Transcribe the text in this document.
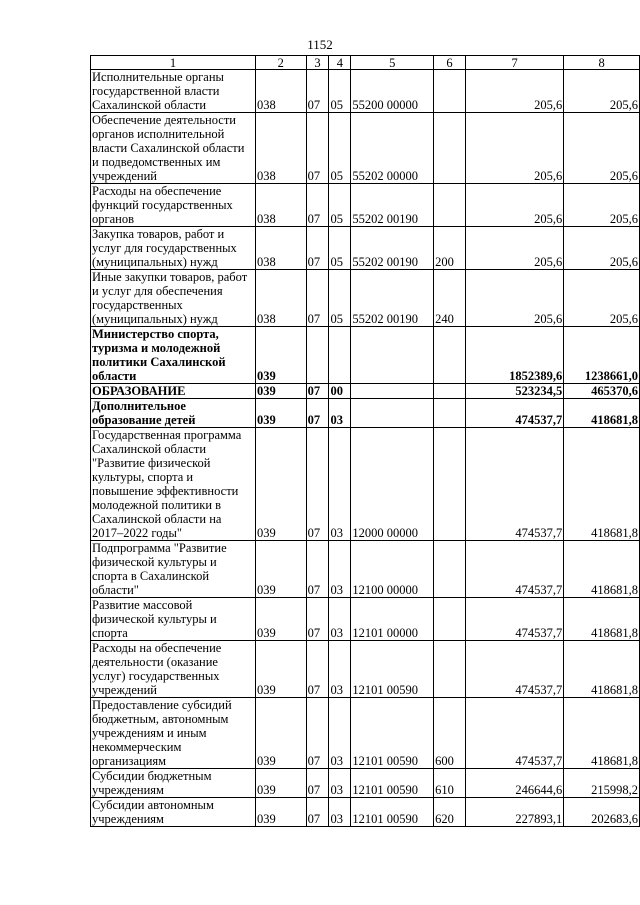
1152
1	2	3	4	5	6	7	8
Исполнительные органы государственной власти Сахалинской области	038	07	05	55200 00000		205,6	205,6
Обеспечение деятельности органов исполнительной власти Сахалинской области и подведомственных им учреждений	038	07	05	55202 00000		205,6	205,6
Расходы на обеспечение функций государственных органов	038	07	05	55202 00190		205,6	205,6
Закупка товаров, работ и услуг для государственных (муниципальных) нужд	038	07	05	55202 00190	200	205,6	205,6
Иные закупки товаров, работ и услуг для обеспечения государственных (муниципальных) нужд	038	07	05	55202 00190	240	205,6	205,6
Министерство спорта, туризма и молодежной политики Сахалинской области	039					1852389,6	1238661,0
ОБРАЗОВАНИЕ	039	07	00			523234,5	465370,6
Дополнительное образование детей	039	07	03			474537,7	418681,8
Государственная программа Сахалинской области "Развитие физической культуры, спорта и повышение эффективности молодежной политики в Сахалинской области на 2017–2022 годы"	039	07	03	12000 00000		474537,7	418681,8
Подпрограмма "Развитие физической культуры и спорта в Сахалинской области"	039	07	03	12100 00000		474537,7	418681,8
Развитие массовой физической культуры и спорта	039	07	03	12101 00000		474537,7	418681,8
Расходы на обеспечение деятельности (оказание услуг) государственных учреждений	039	07	03	12101 00590		474537,7	418681,8
Предоставление субсидий бюджетным, автономным учреждениям и иным некоммерческим организациям	039	07	03	12101 00590	600	474537,7	418681,8
Субсидии бюджетным учреждениям	039	07	03	12101 00590	610	246644,6	215998,2
Субсидии автономным учреждениям	039	07	03	12101 00590	620	227893,1	202683,6
